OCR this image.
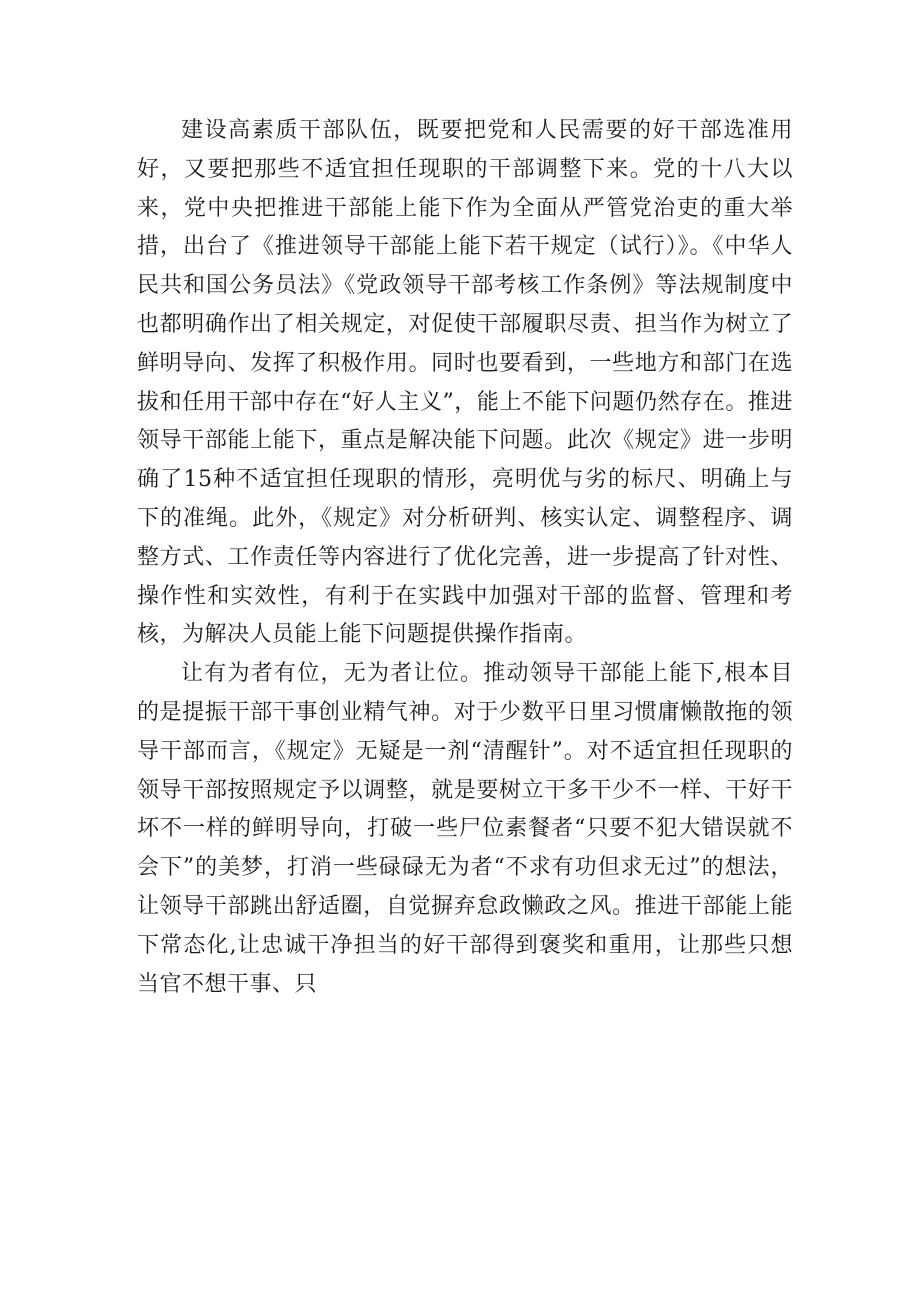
建设高素质干部队伍，既要把党和人民需要的好干部选准用好，又要把那些不适宜担任现职的干部调整下来。党的十八大以来，党中央把推进干部能上能下作为全面从严管党治吏的重大举措，出台了《推进领导干部能上能下若干规定（试行）》。《中华人民共和国公务员法》《党政领导干部考核工作条例》等法规制度中也都明确作出了相关规定，对促使干部履职尽责、担当作为树立了鲜明导向、发挥了积极作用。同时也要看到，一些地方和部门在选拔和任用干部中存在“好人主义”，能上不能下问题仍然存在。推进领导干部能上能下，重点是解决能下问题。此次《规定》进一步明确了15种不适宜担任现职的情形，亮明优与劣的标尺、明确上与下的准绳。此外，《规定》对分析研判、核实认定、调整程序、调整方式、工作责任等内容进行了优化完善，进一步提高了针对性、操作性和实效性，有利于在实践中加强对干部的监督、管理和考核，为解决人员能上能下问题提供操作指南。

让有为者有位，无为者让位。推动领导干部能上能下,根本目的是提振干部干事创业精气神。对于少数平日里习惯庸懒散拖的领导干部而言，《规定》无疑是一剂“清醒针”。对不适宜担任现职的领导干部按照规定予以调整，就是要树立干多干少不一样、干好干坏不一样的鲜明导向，打破一些尸位素餐者“只要不犯大错误就不会下”的美梦，打消一些碌碌无为者“不求有功但求无过”的想法，让领导干部跳出舒适圈，自觉摒弃怠政懒政之风。推进干部能上能下常态化,让忠诚干净担当的好干部得到褒奖和重用，让那些只想当官不想干事、只
